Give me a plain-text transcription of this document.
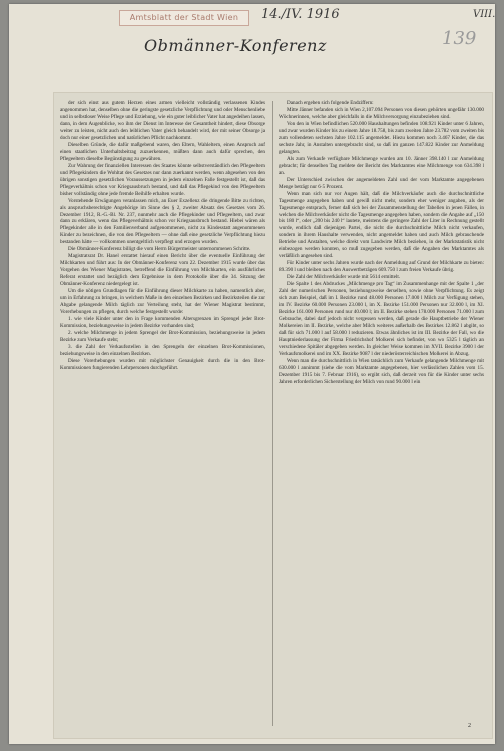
Amtsblatt der Stadt Wien	14./IV. 1916	VIII.
139
Obmänner-Konferenz

der sich einst aus gutem Herzen eines armen vielleicht vollständig verlassenen Kindes angenommen hat, denselben ohne die geringste gesetzliche Verpflichtung und oder Menschenliebe und in selbstloser Weise Pflege und Erziehung, wie ein guter leiblicher Vater hat angedeihen lassen, dann, in dem Augenblicke, wo ihm der Dienst im Interesse der Gesamtheit hindert, diese Obsorge weiter zu leisten, nicht auch den leiblichen Vater gleich behandelt wird, der mit seiner Obsorge ja doch nur einer gesetzlichen und natürlichen Pflicht nachkommt.

Dieselben Gründe, die dafür maßgebend waren, den Eltern, Wahleltern, einen Anspruch auf einen staatlichen Unterhaltsbeitrag zuzuerkennen, müßten dann auch dafür sprechen, den Pflegeeltern dieselbe Begünstigung zu gewähren.

Zur Wahrung der finanziellen Interessen des Staates könnte selbstverständlich den Pflegeeltern und Pflegekindern die Wohltat des Gesetzes nur dann zuerkannt werden, wenn abgesehen von den übrigen sonstigen gesetzlichen Voraussetzungen in jedem einzelnen Falle festgestellt ist, daß das Pflegeverhältnis schon vor Kriegsausbruch bestand, und daß das Pflegekind von den Pflegeeltern bisher vollständig ohne jede fremde Beihilfe erhalten wurde.

Vorstehende Erwägungen veranlassen mich, an Euer Exzellenz die dringende Bitte zu richten, als anspruchsberechtigte Angehörige im Sinne des § 2, zweiter Absatz des Gesetzes vom 26. Dezember 1912, R.-G.-Bl. Nr. 237, nunmehr auch die Pflegekinder und Pflegeeltern, und zwar dann zu erklären, wenn das Pflegeverhältnis schon vor Kriegsausbruch bestand. Hiebei wären als Pflegekinder alle in den Familienverband aufgenommenen, nicht zu Kindesstatt angenommenen Kinder zu bezeichnen, die von den Pflegeeltern — ohne daß eine gesetzliche Verpflichtung hiezu bestanden hätte — vollkommen unentgeltlich verpflegt und erzogen wurden.

Die Obmänner-Konferenz billigt die vom Herrn Bürgermeister unternommenen Schritte.

Magistratsrat Dr. Hanel erstattet hierauf einen Bericht über die eventuelle Einführung der Milchkarten und führt aus: In der Obmänner-Konferenz vom 22. Dezember 1915 wurde über das Vorgehen des Wiener Magistrates, betreffend die Einführung von Milchkarten, ein ausführliches Referat erstattet und bezüglich dem Ergebnisse in dem Protokolle über die 34. Sitzung der Obmänner-Konferenz niedergelegt ist.

Um die nötigen Grundlagen für die Einführung dieser Milchkarte zu haben, namentlich aber, um in Erfahrung zu bringen, in welchem Maße in den einzelnen Bezirken und Bezirksteilen die zur Abgabe gelangende Milch täglich zur Verteilung steht, hat der Wiener Magistrat bestimmt, Vorerhebungen zu pflegen, durch welche festgestellt wurde:

1. wie viele Kinder unter den in Frage kommenden Altersgrenzen im Sprengel jeder Brot-Kommission, beziehungsweise in jedem Bezirke vorhanden sind;

2. welche Milchmenge in jedem Sprengel der Brot-Kommission, beziehungsweise in jedem Bezirke zum Verkaufe steht;

3. die Zahl der Verkaufsstellen in den Sprengeln der einzelnen Brot-Kommissionen, beziehungsweise in den einzelnen Bezirken.

Diese Vorerhebungen wurden mit möglichster Genauigkeit durch die in den Brot-Kommissionen fungierenden Lehrpersonen durchgeführt.

Danach ergeben sich folgende Endziffern:

Mitte Jänner befanden sich in Wien 2,107.094 Personen von diesen gehörten ungefähr 130.000 Wöchnerinnen, welche aber gleichfalls in die Milchversorgung einzubeziehen sind.

Von den in Wien befindlichen 520.000 Haushaltungen befinden 108.921 Kinder unter 6 Jahren, und zwar wurden Kinder bis zu einem Jahre 18.758, bis zum zweiten Jahre 23.782 vom zweiten bis zum vollendeten sechsten Jahre 102.115 angemeldet. Hiezu kommen noch 3.467 Kinder, die das sechste Jahr, in Anstalten untergebracht sind, so daß im ganzen 147.822 Kinder zur Anmeldung gelangten.

Als zum Verkaufe verfügbare Milchmenge wurden am 10. Jänner 398.140 l zur Anmeldung gebracht; für denselben Tag meldete der Bericht des Marktamtes eine Milchmenge von 634.398 l an.

Der Unterschied zwischen der angemeldeten Zahl und der vom Marktamte angegebenen Menge beträgt nur 6·5 Prozent.

Wenn man sich nur vor Augen hält, daß die Milchverkäufer auch die durchschnittliche Tagesmenge angegeben haben und gewiß nicht mehr, sondern eher weniger angaben, als der Tagesmenge entsprach, ferner daß sich bei der Zusammenstellung der Tabellen in jenen Fällen, in welchen die Milchverkäufer nicht die Tagesmenge angegeben haben, sondern die Angabe auf „150 bis 180 l“, oder „200 bis 240 l“ lautete, meistens die geringere Zahl der Liter in Rechnung gestellt wurde, endlich daß diejenigen Partei, die nicht die durchschnittliche Milch nicht verkaufen, sondern in ihrem Haushalte verwenden, nicht angemeldet haben und auch Milch gebrauchende Betriebe und Anstalten, welche direkt vom Landwirte Milch beziehen, in der Marktstatistik nicht einbezogen werden konnten, so muß zugegeben werden, daß die Angaben des Marktamtes als verläßlich angesehen sind.

Für Kinder unter sechs Jahren wurde nach der Anmeldung auf Grund der Milchkarte zu bieten: 89.390 l und bleiben nach den Auswertbeträgen 609.750 l zum freien Verkaufe übrig.

Die Zahl der Milchverkäufer wurde mit 5614 ermittelt.

Die Spalte 1 des Abdruckes „Milchmenge pro Tag“ im Zusammenhange mit der Spalte 1 „der Zahl der numerischen Personen, beziehungsweise derselben, sowie ohne Verpflichtung. Es zeigt sich zum Beispiel, daß im I. Bezirke rund 48.000 Personen 17.000 l Milch zur Verfügung stehen, im IV. Bezirke 60.000 Personen 23.000 l, im X. Bezirke 151.000 Personen nur 32.000 l, im XI. Bezirke 161.000 Personen rund nur 40.000 l; im II. Bezirke stehen 178.000 Personen 71.000 l zum Gebrauche, dabei darf jedoch nicht vergessen werden, daß gerade die Hauptbetriebe der Wiener Molkereien im II. Bezirke, welche aber Milch weiteres außerhalb des Bezirkes 12.862 l abgibt, so daß für sich 71.000 l auf 58.000 l reduzieren. Etwas ähnliches ist im III. Bezirke der Fall, wo die Hauptniederlassung der Firma Friedrichshof Molkerei sich befindet, von wo 5325 l täglich an verschiedene Spitäler abgegeben werden. In gleicher Weise kommen im XVII. Bezirke 3900 l der Verkaufsmolkerei und im XX. Bezirke 9087 l der niederösterreichischen Molkerei in Abzug.

Wenn man die durchschnittlich in Wien tatsächlich zum Verkaufe gelangende Milchmenge mit 630.000 l annimmt (siehe die vom Marktamte angegebenen, hier verlässlichen Zahlen vom 15. Dezember 1915 bis 7. Februar 1916), so ergibt sich, daß derzeit von für die Kinder unter sechs Jahren erforderlichen Sicherstellung der Milch von rund 90.000 l ein

2
